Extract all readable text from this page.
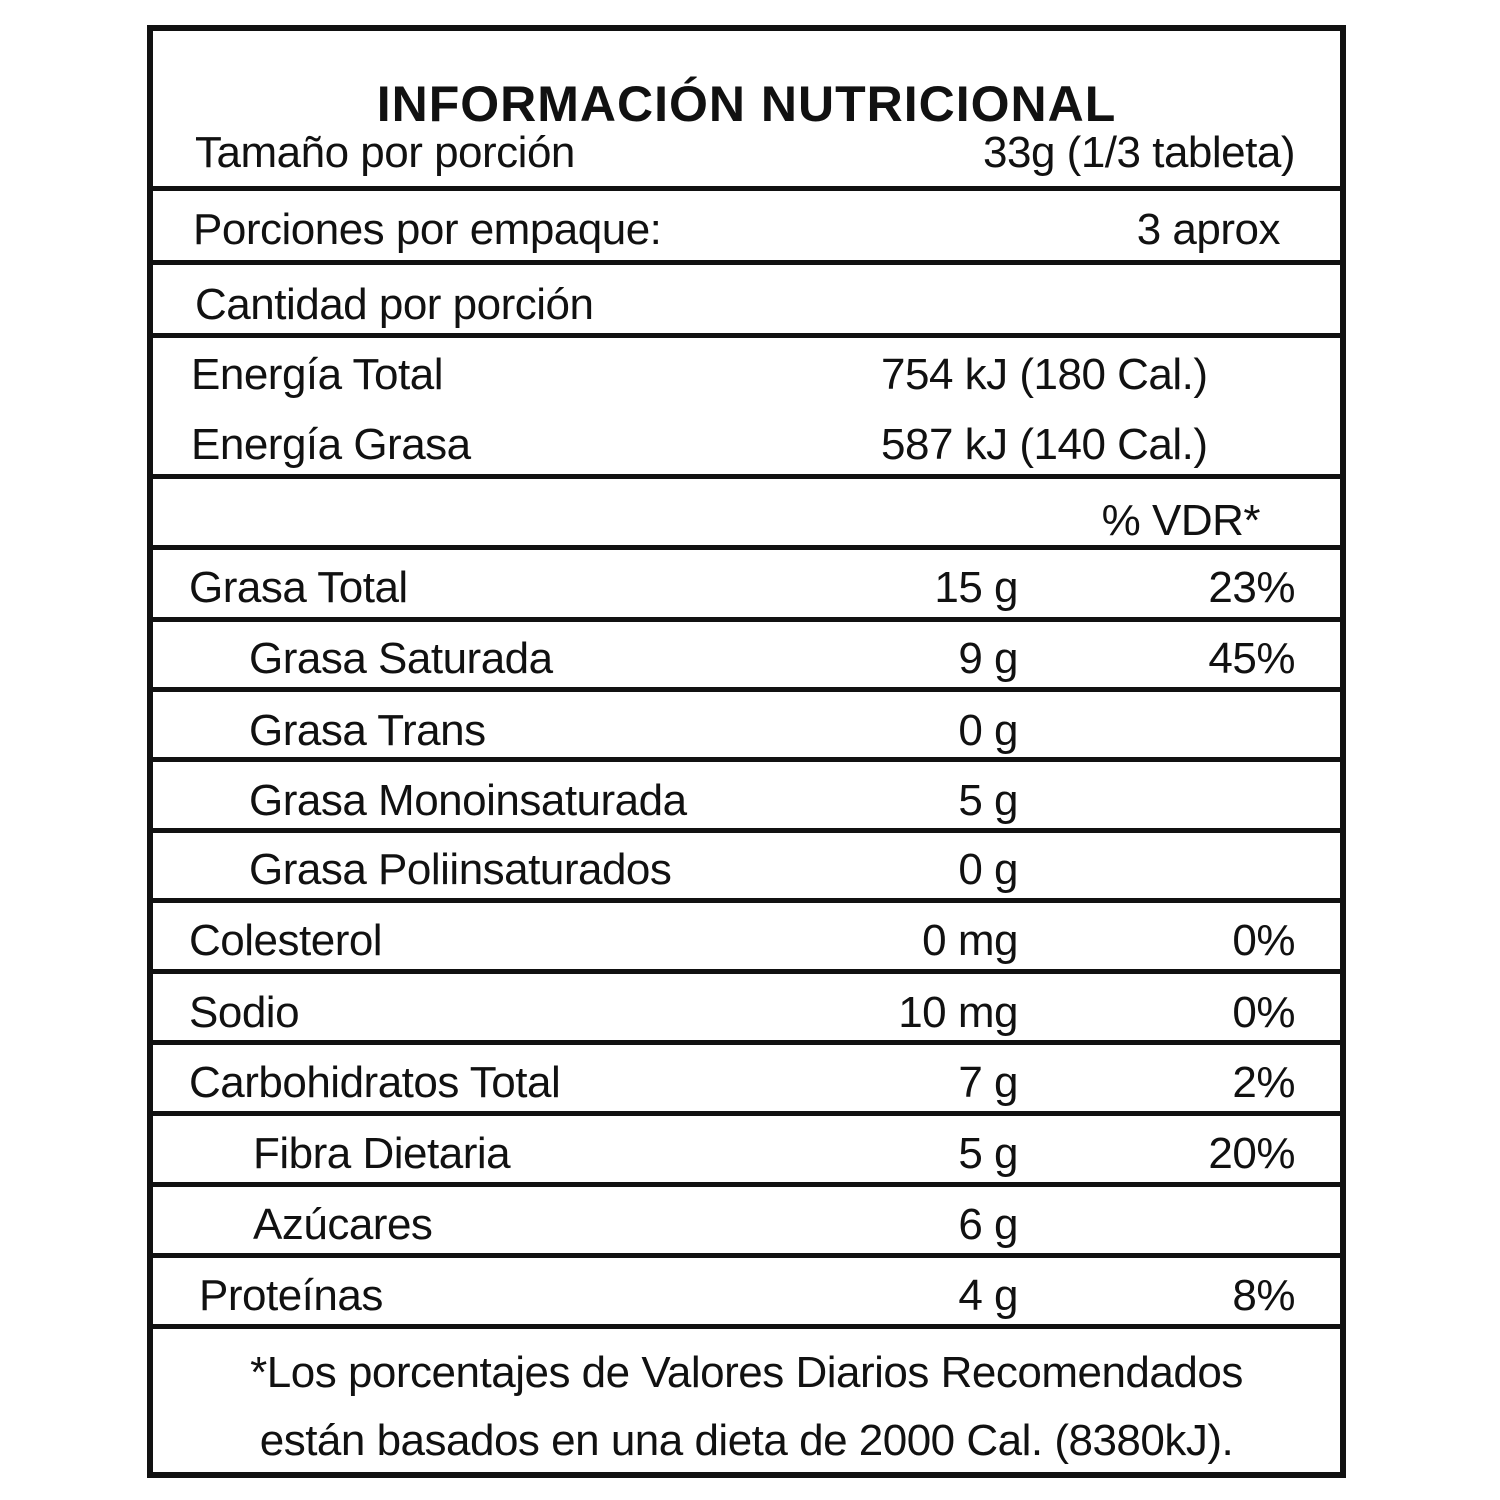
INFORMACIÓN NUTRICIONAL
Tamaño por porción	33g (1/3 tableta)
Porciones por empaque:	3 aprox
Cantidad por porción
Energía Total	754 kJ (180 Cal.)
Energía Grasa	587 kJ (140 Cal.)
% VDR*
Grasa Total	15 g	23%
Grasa Saturada	9 g	45%
Grasa Trans	0 g
Grasa Monoinsaturada	5 g
Grasa Poliinsaturados	0 g
Colesterol	0 mg	0%
Sodio	10 mg	0%
Carbohidratos Total	7 g	2%
Fibra Dietaria	5 g	20%
Azúcares	6 g
Proteínas	4 g	8%
*Los porcentajes de Valores Diarios Recomendados
están basados en una dieta de 2000 Cal. (8380kJ).
